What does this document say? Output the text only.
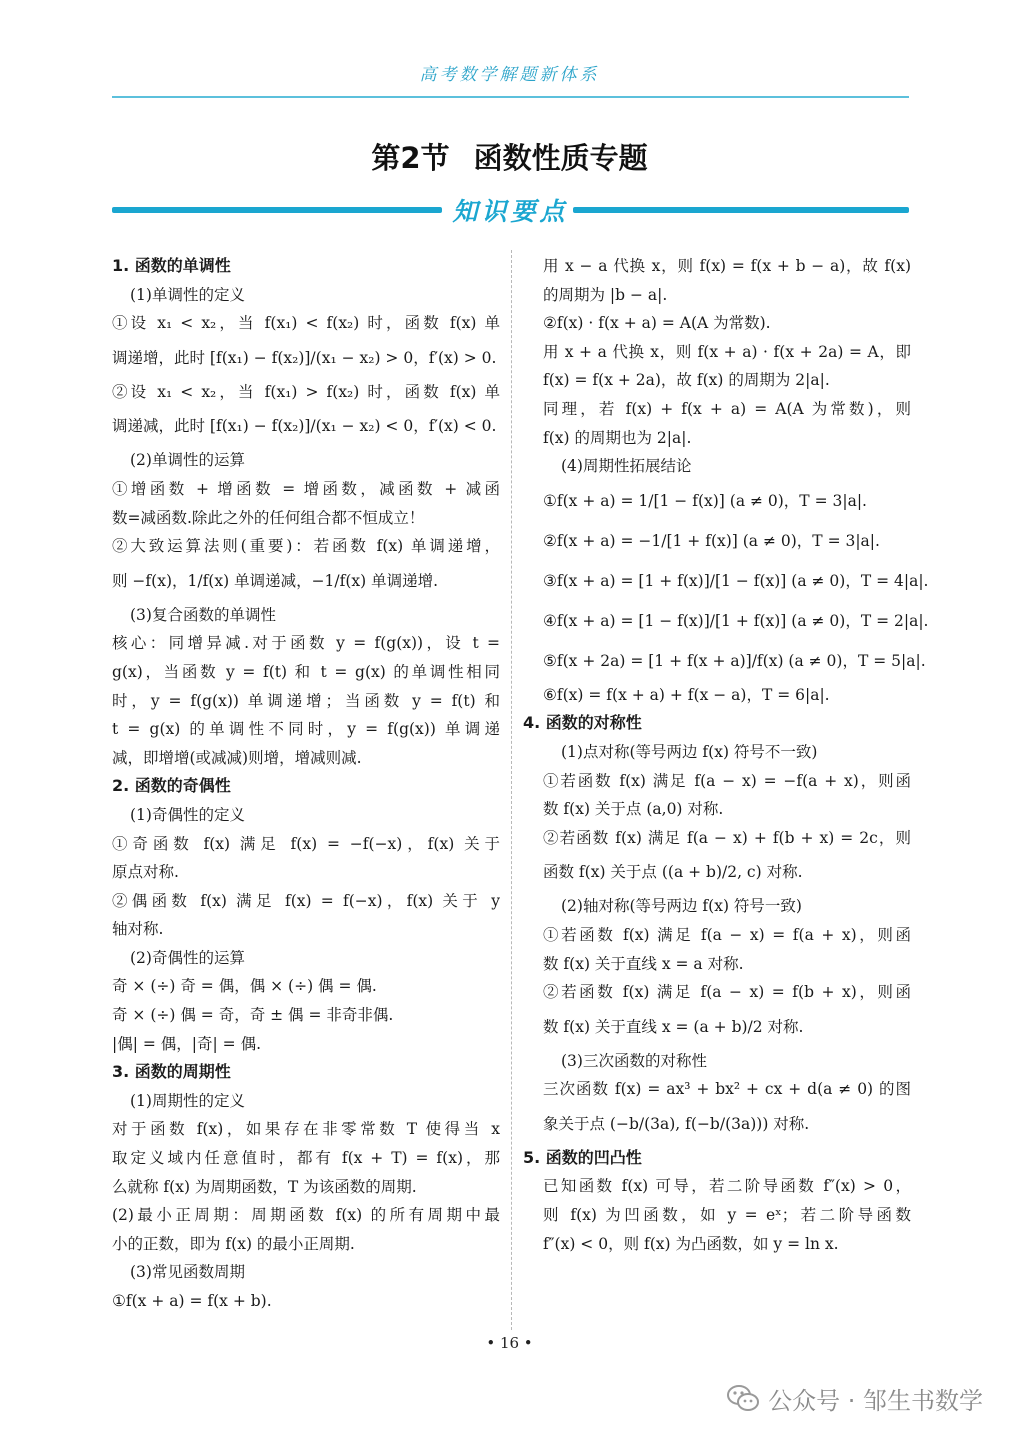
高考数学解题新体系
第2节 函数性质专题
知识要点
1. 函数的单调性
(1)单调性的定义
①设 x₁ < x₂，当 f(x₁) < f(x₂) 时，函数 f(x) 单
调递增，此时 [f(x₁) − f(x₂)]/(x₁ − x₂) > 0，f′(x) > 0.
②设 x₁ < x₂，当 f(x₁) > f(x₂) 时，函数 f(x) 单
调递减，此时 [f(x₁) − f(x₂)]/(x₁ − x₂) < 0，f′(x) < 0.
(2)单调性的运算
①增函数 + 增函数 = 增函数，减函数 + 减函
数=减函数.除此之外的任何组合都不恒成立！
②大致运算法则(重要)：若函数 f(x) 单调递增，
则 −f(x)，1/f(x) 单调递减，−1/f(x) 单调递增.
(3)复合函数的单调性
核心：同增异减.对于函数 y = f(g(x))，设 t =
g(x)，当函数 y = f(t) 和 t = g(x) 的单调性相同
时，y = f(g(x)) 单调递增；当函数 y = f(t) 和
t = g(x) 的单调性不同时，y = f(g(x)) 单调递
减，即增增(或减减)则增，增减则减.
2. 函数的奇偶性
(1)奇偶性的定义
①奇函数 f(x) 满足 f(x) = −f(−x)，f(x) 关于
原点对称.
②偶函数 f(x) 满足 f(x) = f(−x)，f(x) 关于 y
轴对称.
(2)奇偶性的运算
奇 × (÷) 奇 = 偶，偶 × (÷) 偶 = 偶.
奇 × (÷) 偶 = 奇，奇 ± 偶 = 非奇非偶.
|偶| = 偶，|奇| = 偶.
3. 函数的周期性
(1)周期性的定义
对于函数 f(x)，如果存在非零常数 T 使得当 x
取定义域内任意值时，都有 f(x + T) = f(x)，那
么就称 f(x) 为周期函数，T 为该函数的周期.
(2)最小正周期：周期函数 f(x) 的所有周期中最
小的正数，即为 f(x) 的最小正周期.
(3)常见函数周期
①f(x + a) = f(x + b).
用 x − a 代换 x，则 f(x) = f(x + b − a)，故 f(x)
的周期为 |b − a|.
②f(x) · f(x + a) = A(A 为常数).
用 x + a 代换 x，则 f(x + a) · f(x + 2a) = A，即
f(x) = f(x + 2a)，故 f(x) 的周期为 2|a|.
同理，若 f(x) + f(x + a) = A(A 为常数)，则
f(x) 的周期也为 2|a|.
(4)周期性拓展结论
①f(x + a) = 1/[1 − f(x)] (a ≠ 0)，T = 3|a|.
②f(x + a) = −1/[1 + f(x)] (a ≠ 0)，T = 3|a|.
③f(x + a) = [1 + f(x)]/[1 − f(x)] (a ≠ 0)，T = 4|a|.
④f(x + a) = [1 − f(x)]/[1 + f(x)] (a ≠ 0)，T = 2|a|.
⑤f(x + 2a) = [1 + f(x + a)]/f(x) (a ≠ 0)，T = 5|a|.
⑥f(x) = f(x + a) + f(x − a)，T = 6|a|.
4. 函数的对称性
(1)点对称(等号两边 f(x) 符号不一致)
①若函数 f(x) 满足 f(a − x) = −f(a + x)，则函
数 f(x) 关于点 (a,0) 对称.
②若函数 f(x) 满足 f(a − x) + f(b + x) = 2c，则
函数 f(x) 关于点 ((a + b)/2, c) 对称.
(2)轴对称(等号两边 f(x) 符号一致)
①若函数 f(x) 满足 f(a − x) = f(a + x)，则函
数 f(x) 关于直线 x = a 对称.
②若函数 f(x) 满足 f(a − x) = f(b + x)，则函
数 f(x) 关于直线 x = (a + b)/2 对称.
(3)三次函数的对称性
三次函数 f(x) = ax³ + bx² + cx + d(a ≠ 0) 的图
象关于点 (−b/(3a), f(−b/(3a))) 对称.
5. 函数的凹凸性
已知函数 f(x) 可导，若二阶导函数 f″(x) > 0，
则 f(x) 为凹函数，如 y = eˣ；若二阶导函数
f″(x) < 0，则 f(x) 为凸函数，如 y = ln x.
• 16 •
公众号 · 邹生书数学
